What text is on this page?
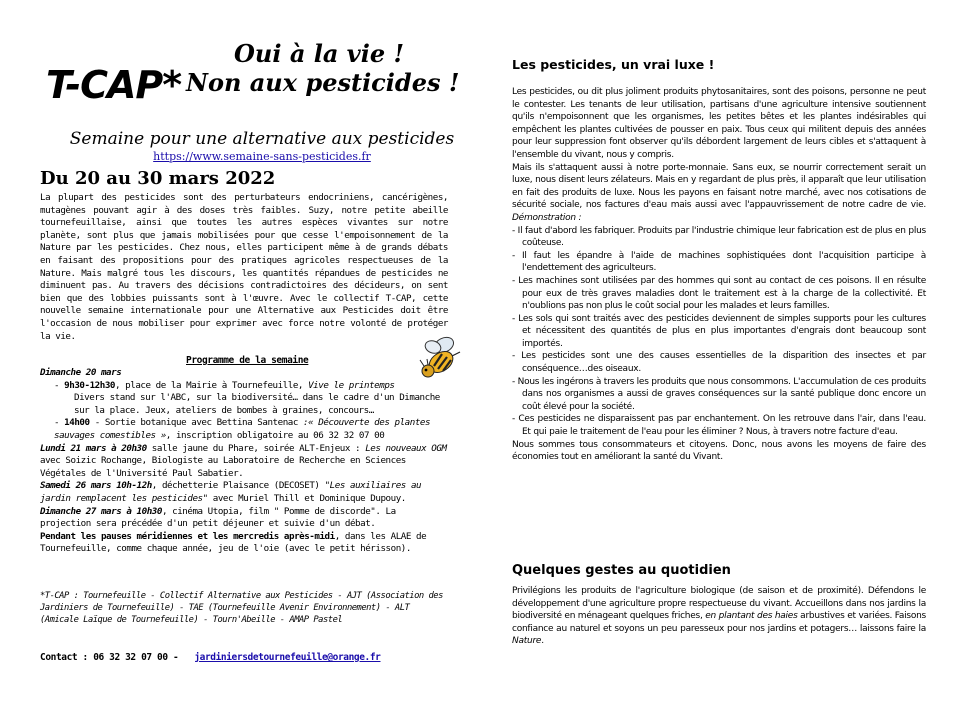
T-CAP*
Oui à la vie !
Non aux pesticides !
Semaine pour une alternative aux pesticides
https://www.semaine-sans-pesticides.fr
Du 20 au 30 mars 2022
La plupart des pesticides sont des perturbateurs endocriniens, cancérigènes, mutagènes pouvant agir à des doses très faibles. Suzy, notre petite abeille tournefeuillaise, ainsi que toutes les autres espèces vivantes sur notre planète, sont plus que jamais mobilisées pour que cesse l'empoisonnement de la Nature par les pesticides. Chez nous, elles participent même à de grands débats en faisant des propositions pour des pratiques agricoles respectueuses de la Nature. Mais malgré tous les discours, les quantités répandues de pesticides ne diminuent pas. Au travers des décisions contradictoires des décideurs, on sent bien que des lobbies puissants sont à l'œuvre. Avec le collectif T-CAP, cette nouvelle semaine internationale pour une Alternative aux Pesticides doit être l'occasion de nous mobiliser pour exprimer avec force notre volonté de protéger la vie.
Programme de la semaine

Dimanche 20 mars

- 9h30-12h30, place de la Mairie à Tournefeuille, Vive le printemps

Divers stand sur l'ABC, sur la biodiversité… dans le cadre d'un Dimanche sur la place. Jeux, ateliers de bombes à graines, concours…

- 14h00 - Sortie botanique avec Bettina Santenac :« Découverte des plantes sauvages comestibles », inscription obligatoire au 06 32 32 07 00

Lundi 21 mars à 20h30 salle jaune du Phare, soirée ALT-Enjeux : Les nouveaux OGM avec Soizic Rochange, Biologiste au Laboratoire de Recherche en Sciences Végétales de l'Université Paul Sabatier.

Samedi 26 mars 10h-12h, déchetterie Plaisance (DECOSET) "Les auxiliaires au jardin remplacent les pesticides" avec Muriel Thill et Dominique Dupouy.

Dimanche 27 mars à 10h30, cinéma Utopia, film " Pomme de discorde". La projection sera précédée d'un petit déjeuner et suivie d'un débat.

Pendant les pauses méridiennes et les mercredis après-midi, dans les ALAE de Tournefeuille, comme chaque année, jeu de l'oie (avec le petit hérisson).

*T-CAP : Tournefeuille - Collectif Alternative aux Pesticides - AJT (Association des Jardiniers de Tournefeuille) - TAE (Tournefeuille Avenir Environnement) - ALT (Amicale Laïque de Tournefeuille) - Tourn'Abeille - AMAP Pastel
Contact : 06 32 32 07 00 - jardiniersdetournefeuille@orange.fr
Les pesticides, un vrai luxe !

Les pesticides, ou dit plus joliment produits phytosanitaires, sont des poisons, personne ne peut le contester. Les tenants de leur utilisation, partisans d'une agriculture intensive soutiennent qu'ils n'empoisonnent que les organismes, les petites bêtes et les plantes indésirables qui empêchent les plantes cultivées de pousser en paix. Tous ceux qui militent depuis des années pour leur suppression font observer qu'ils débordent largement de leurs cibles et s'attaquent à l'ensemble du vivant, nous y compris.

Mais ils s'attaquent aussi à notre porte-monnaie. Sans eux, se nourrir correctement serait un luxe, nous disent leurs zélateurs. Mais en y regardant de plus près, il apparaît que leur utilisation en fait des produits de luxe. Nous les payons en faisant notre marché, avec nos cotisations de sécurité sociale, nos factures d'eau mais aussi avec l'appauvrissement de notre cadre de vie. Démonstration :

- Il faut d'abord les fabriquer. Produits par l'industrie chimique leur fabrication est de plus en plus coûteuse.

- Il faut les épandre à l'aide de machines sophistiquées dont l'acquisition participe à l'endettement des agriculteurs.

- Les machines sont utilisées par des hommes qui sont au contact de ces poisons. Il en résulte pour eux de très graves maladies dont le traitement est à la charge de la collectivité. Et n'oublions pas non plus le coût social pour les malades et leurs familles.

- Les sols qui sont traités avec des pesticides deviennent de simples supports pour les cultures et nécessitent des quantités de plus en plus importantes d'engrais dont beaucoup sont importés.

- Les pesticides sont une des causes essentielles de la disparition des insectes et par conséquence…des oiseaux.

- Nous les ingérons à travers les produits que nous consommons. L'accumulation de ces produits dans nos organismes a aussi de graves conséquences sur la santé publique donc encore un coût élevé pour la société.

- Ces pesticides ne disparaissent pas par enchantement. On les retrouve dans l'air, dans l'eau. Et qui paie le traitement de l'eau pour les éliminer ? Nous, à travers notre facture d'eau.

Nous sommes tous consommateurs et citoyens. Donc, nous avons les moyens de faire des économies tout en améliorant la santé du Vivant.

Quelques gestes au quotidien

Privilégions les produits de l'agriculture biologique (de saison et de proximité). Défendons le développement d'une agriculture propre respectueuse du vivant. Accueillons dans nos jardins la biodiversité en ménageant quelques friches, en plantant des haies arbustives et variées. Faisons confiance au naturel et soyons un peu paresseux pour nos jardins et potagers… laissons faire la Nature.
